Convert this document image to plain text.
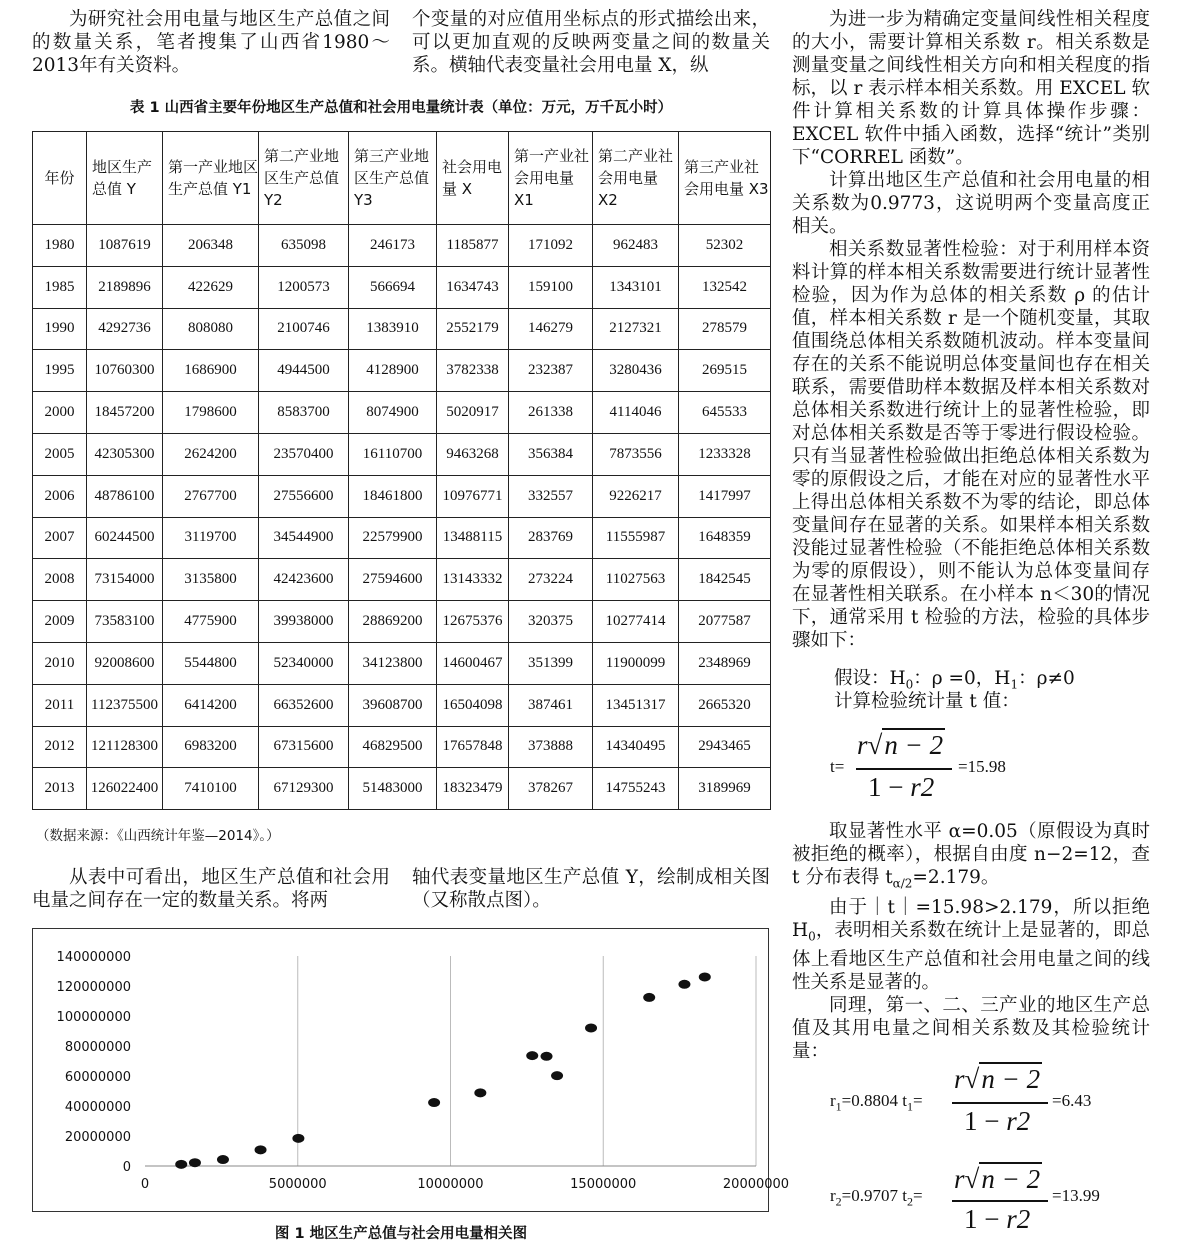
为研究社会用电量与地区生产总值之间的数量关系，笔者搜集了山西省1980～2013年有关资料。

个变量的对应值用坐标点的形式描绘出来，可以更加直观的反映两变量之间的数量关系。横轴代表变量社会用电量 X，纵

表 1 山西省主要年份地区生产总值和社会用电量统计表（单位：万元，万千瓦小时）
年份	地区生产总值 Y	第一产业地区生产总值 Y1	第二产业地区生产总值 Y2	第三产业地区生产总值 Y3	社会用电量 X	第一产业社会用电量 X1	第二产业社会用电量 X2	第三产业社会用电量 X3
1980	1087619	206348	635098	246173	1185877	171092	962483	52302
1985	2189896	422629	1200573	566694	1634743	159100	1343101	132542
1990	4292736	808080	2100746	1383910	2552179	146279	2127321	278579
1995	10760300	1686900	4944500	4128900	3782338	232387	3280436	269515
2000	18457200	1798600	8583700	8074900	5020917	261338	4114046	645533
2005	42305300	2624200	23570400	16110700	9463268	356384	7873556	1233328
2006	48786100	2767700	27556600	18461800	10976771	332557	9226217	1417997
2007	60244500	3119700	34544900	22579900	13488115	283769	11555987	1648359
2008	73154000	3135800	42423600	27594600	13143332	273224	11027563	1842545
2009	73583100	4775900	39938000	28869200	12675376	320375	10277414	2077587
2010	92008600	5544800	52340000	34123800	14600467	351399	11900099	2348969
2011	112375500	6414200	66352600	39608700	16504098	387461	13451317	2665320
2012	121128300	6983200	67315600	46829500	17657848	373888	14340495	2943465
2013	126022400	7410100	67129300	51483000	18323479	378267	14755243	3189969
（数据来源：《山西统计年鉴—2014》。）

从表中可看出，地区生产总值和社会用电量之间存在一定的数量关系。将两

轴代表变量地区生产总值 Y，绘制成相关图（又称散点图）。

0	5000000	10000000	15000000	20000000
0
20000000
40000000
60000000
80000000
100000000
120000000
140000000
图 1 地区生产总值与社会用电量相关图

为进一步为精确定变量间线性相关程度的大小，需要计算相关系数 r。相关系数是测量变量之间线性相关方向和相关程度的指标，以 r 表示样本相关系数。用 EXCEL 软件计算相关系数的计算具体操作步骤：EXCEL 软件中插入函数，选择“统计”类别下“CORREL 函数”。

计算出地区生产总值和社会用电量的相关系数为0.9773，这说明两个变量高度正相关。

相关系数显著性检验：对于利用样本资料计算的样本相关系数需要进行统计显著性检验，因为作为总体的相关系数 ρ 的估计值，样本相关系数 r 是一个随机变量，其取值围绕总体相关系数随机波动。样本变量间存在的关系不能说明总体变量间也存在相关联系，需要借助样本数据及样本相关系数对总体相关系数进行统计上的显著性检验，即对总体相关系数是否等于零进行假设检验。只有当显著性检验做出拒绝总体相关系数为零的原假设之后，才能在对应的显著性水平上得出总体相关系数不为零的结论，即总体变量间存在显著的关系。如果样本相关系数没能过显著性检验（不能拒绝总体相关系数为零的原假设），则不能认为总体变量间存在显著性相关联系。在小样本 n＜30的情况下，通常采用 t 检验的方法，检验的具体步骤如下：

假设：$H_0$：ρ =0，$H_1$：ρ≠0
计算检验统计量 t 值：
t=
r√n − 2
1 − r2
=15.98

取显著性水平 α=0.05（原假设为真时被拒绝的概率），根据自由度 n−2=12，查 t 分布表得 $t_{\alpha/2}=2.179$。

由于｜t｜=15.98>2.179，所以拒绝 $H_0$，表明相关系数在统计上是显著的，即总体上看地区生产总值和社会用电量之间的线性关系是显著的。

同理，第一、二、三产业的地区生产总值及其用电量之间相关系数及其检验统计量：

$r_1=0.8804$ $t_1=$
r√n − 2
1 − r2
=6.43
$r_2=0.9707$ $t_2=$
r√n − 2
1 − r2
=13.99
